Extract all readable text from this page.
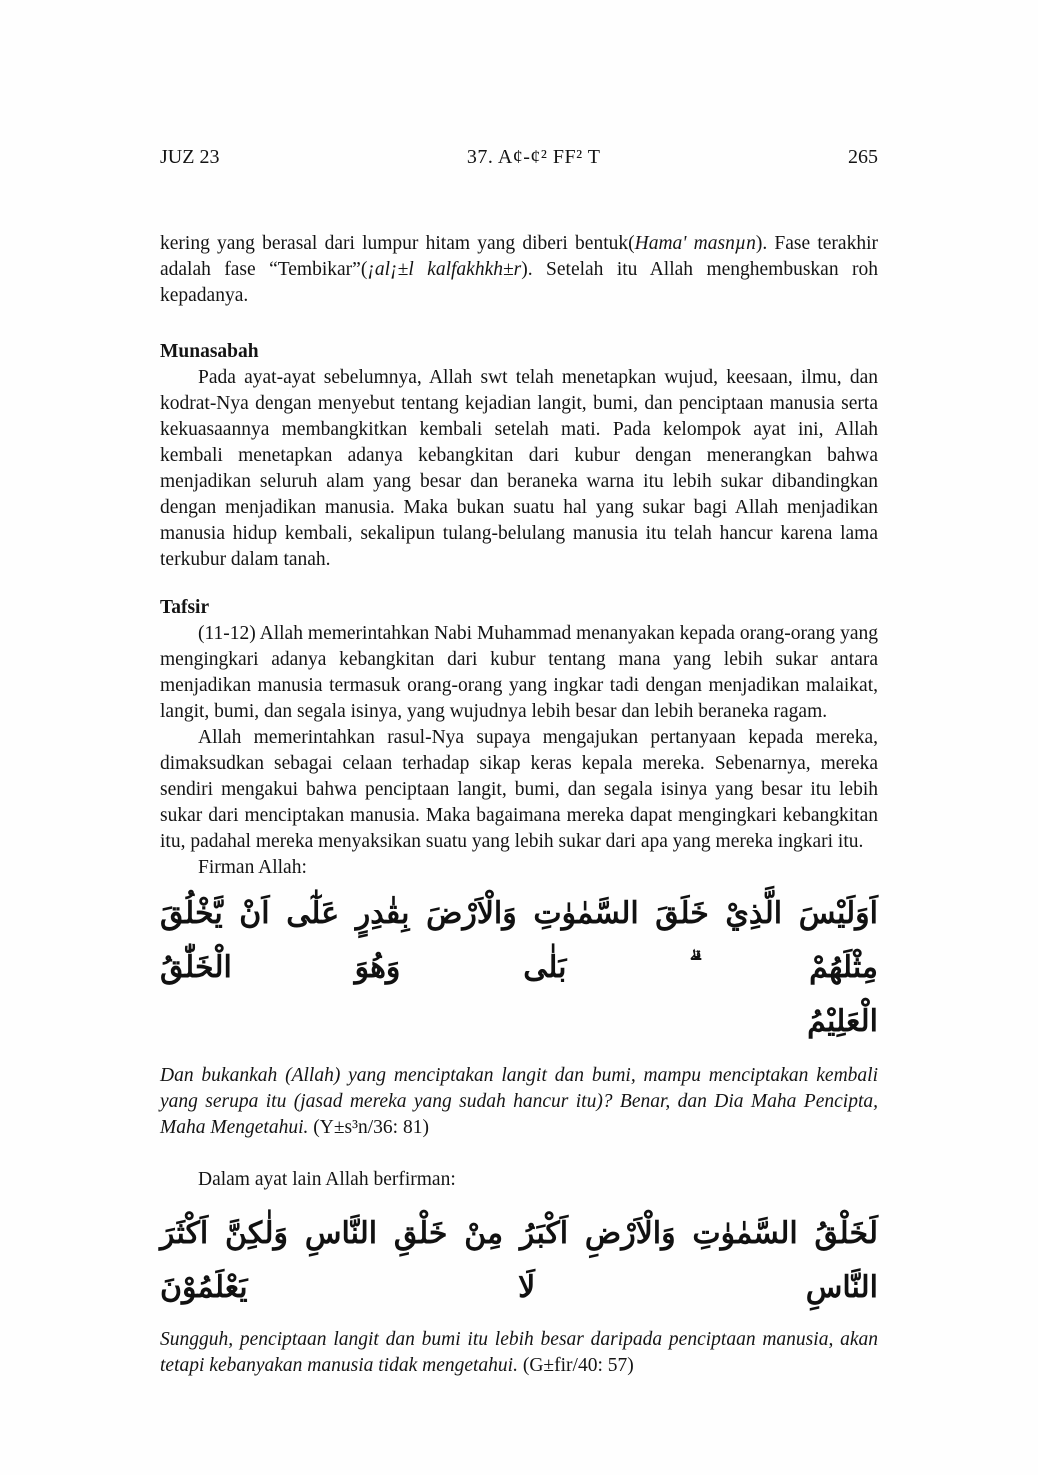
JUZ 23	37. A¢-¢² FF² T	265

kering yang berasal dari lumpur hitam yang diberi bentuk(Hama' masnµn). Fase terakhir adalah fase “Tembikar”(¡al¡±l kalfakhkh±r). Setelah itu Allah menghembuskan roh kepadanya.

Munasabah

Pada ayat-ayat sebelumnya, Allah swt telah menetapkan wujud, keesaan, ilmu, dan kodrat-Nya dengan menyebut tentang kejadian langit, bumi, dan penciptaan manusia serta kekuasaannya membangkitkan kembali setelah mati. Pada kelompok ayat ini, Allah kembali menetapkan adanya kebangkitan dari kubur dengan menerangkan bahwa menjadikan seluruh alam yang besar dan beraneka warna itu lebih sukar dibandingkan dengan menjadikan manusia. Maka bukan suatu hal yang sukar bagi Allah menjadikan manusia hidup kembali, sekalipun tulang-belulang manusia itu telah hancur karena lama terkubur dalam tanah.

Tafsir

(11-12) Allah memerintahkan Nabi Muhammad menanyakan kepada orang-orang yang mengingkari adanya kebangkitan dari kubur tentang mana yang lebih sukar antara menjadikan manusia termasuk orang-orang yang ingkar tadi dengan menjadikan malaikat, langit, bumi, dan segala isinya, yang wujudnya lebih besar dan lebih beraneka ragam.

Allah memerintahkan rasul-Nya supaya mengajukan pertanyaan kepada mereka, dimaksudkan sebagai celaan terhadap sikap keras kepala mereka. Sebenarnya, mereka sendiri mengakui bahwa penciptaan langit, bumi, dan segala isinya yang besar itu lebih sukar dari menciptakan manusia. Maka bagaimana mereka dapat mengingkari kebangkitan itu, padahal mereka menyaksikan suatu yang lebih sukar dari apa yang mereka ingkari itu.

Firman Allah:

اَوَلَيْسَ الَّذِيْ خَلَقَ السَّمٰوٰتِ وَالْاَرْضَ بِقٰدِرٍ عَلٰٓى اَنْ يَّخْلُقَ مِثْلَهُمْ ۗ بَلٰى وَهُوَ الْخَلّٰقُ
الْعَلِيْمُ

Dan bukankah (Allah) yang menciptakan langit dan bumi, mampu menciptakan kembali yang serupa itu (jasad mereka yang sudah hancur itu)? Benar, dan Dia Maha Pencipta, Maha Mengetahui. (Y±s³n/36: 81)

Dalam ayat lain Allah berfirman:

لَخَلْقُ السَّمٰوٰتِ وَالْاَرْضِ اَكْبَرُ مِنْ خَلْقِ النَّاسِ وَلٰكِنَّ اَكْثَرَ النَّاسِ لَا يَعْلَمُوْنَ

Sungguh, penciptaan langit dan bumi itu lebih besar daripada penciptaan manusia, akan tetapi kebanyakan manusia tidak mengetahui. (G±fir/40: 57)
